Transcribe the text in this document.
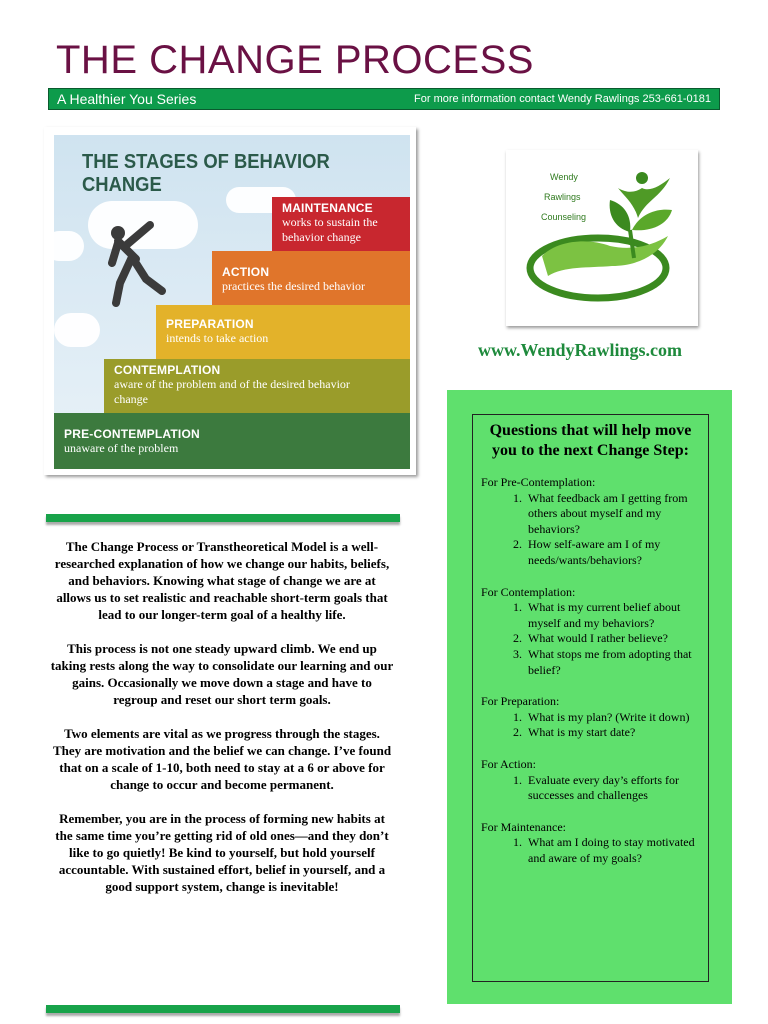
THE CHANGE PROCESS
A Healthier You Series	For more information contact Wendy Rawlings 253-661-0181
THE STAGES OF BEHAVIOR CHANGE
MAINTENANCE
works to sustain the behavior change
ACTION
practices the desired behavior
PREPARATION
intends to take action
CONTEMPLATION
aware of the problem and of the desired behavior change
PRE-CONTEMPLATION
unaware of the problem
Wendy
Rawlings
Counseling

www.WendyRawlings.com

The Change Process or Transtheoretical Model is a well-researched explanation of how we change our habits, beliefs, and behaviors. Knowing what stage of change we are at allows us to set realistic and reachable short-term goals that lead to our longer-term goal of a healthy life.

This process is not one steady upward climb. We end up taking rests along the way to consolidate our learning and our gains. Occasionally we move down a stage and have to regroup and reset our short term goals.

Two elements are vital as we progress through the stages. They are motivation and the belief we can change. I’ve found that on a scale of 1-10, both need to stay at a 6 or above for change to occur and become permanent.

Remember, you are in the process of forming new habits at the same time you’re getting rid of old ones—and they don’t like to go quietly! Be kind to yourself, but hold yourself accountable. With sustained effort, belief in yourself, and a good support system, change is inevitable!

Questions that will help move you to the next Change Step:

For Pre-Contemplation:

1. What feedback am I getting from others about myself and my behaviors?
2. How self-aware am I of my needs/wants/behaviors?

For Contemplation:

1. What is my current belief about myself and my behaviors?
2. What would I rather believe?
3. What stops me from adopting that belief?

For Preparation:

1. What is my plan? (Write it down)
2. What is my start date?

For Action:

1. Evaluate every day’s efforts for successes and challenges

For Maintenance:

1. What am I doing to stay motivated and aware of my goals?
